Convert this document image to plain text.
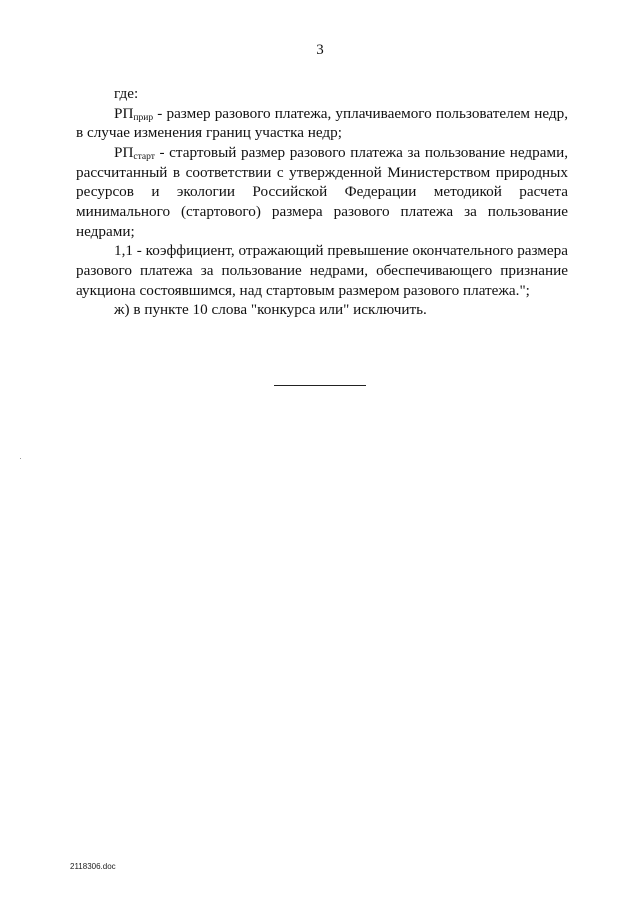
3

где:

$РП_{прир}$ - размер разового платежа, уплачиваемого пользователем недр, в случае изменения границ участка недр;

$РП_{старт}$ - стартовый размер разового платежа за пользование недрами, рассчитанный в соответствии с утвержденной Министерством природных ресурсов и экологии Российской Федерации методикой расчета минимального (стартового) размера разового платежа за пользование недрами;

1,1 - коэффициент, отражающий превышение окончательного размера разового платежа за пользование недрами, обеспечивающего признание аукциона состоявшимся, над стартовым размером разового платежа.";

ж) в пункте 10 слова "конкурса или" исключить.

2118306.doc
